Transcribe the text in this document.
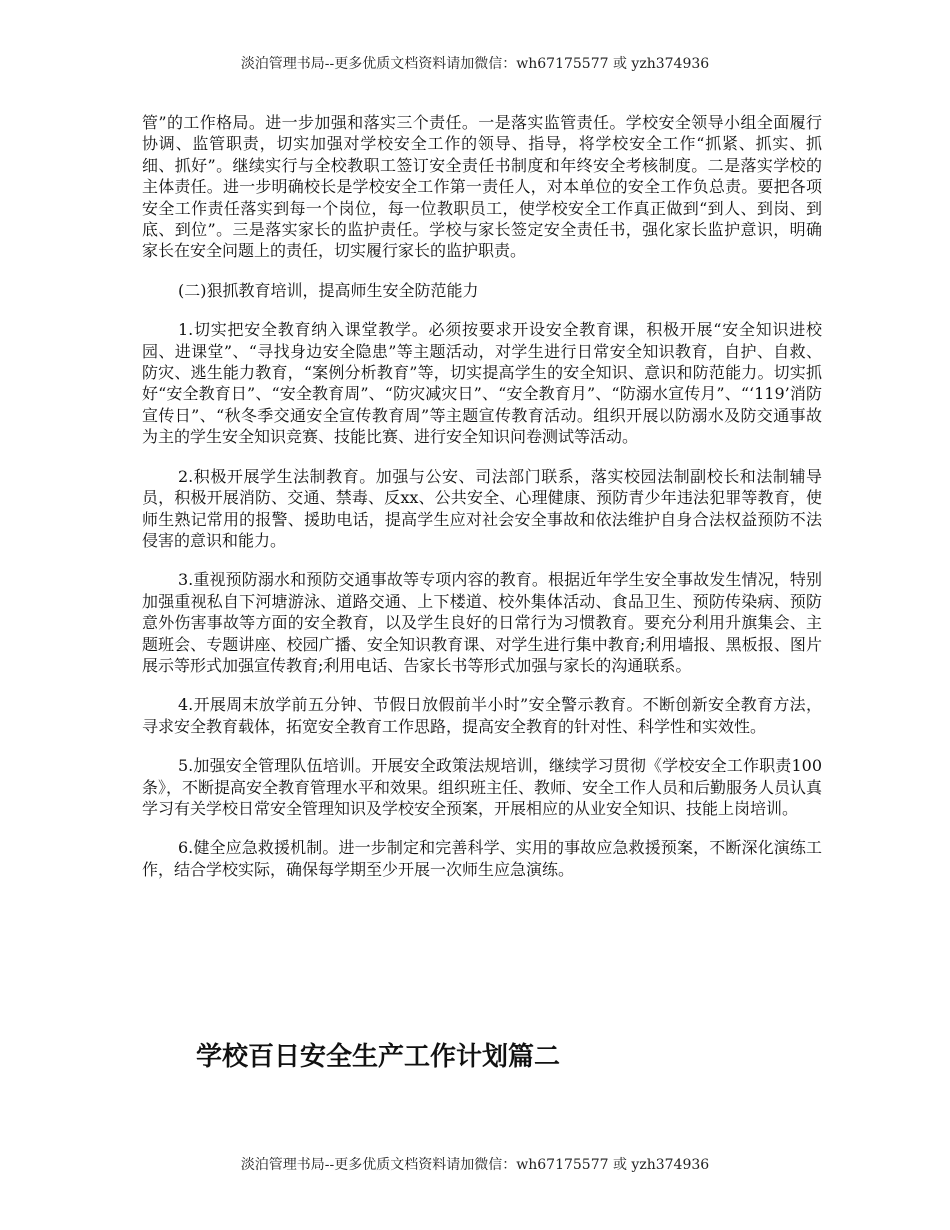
淡泊管理书局--更多优质文档资料请加微信：wh67175577 或 yzh374936

管”的工作格局。进一步加强和落实三个责任。一是落实监管责任。学校安全领导小组全面履行协调、监管职责，切实加强对学校安全工作的领导、指导，将学校安全工作“抓紧、抓实、抓细、抓好”。继续实行与全校教职工签订安全责任书制度和年终安全考核制度。二是落实学校的主体责任。进一步明确校长是学校安全工作第一责任人，对本单位的安全工作负总责。要把各项安全工作责任落实到每一个岗位，每一位教职员工，使学校安全工作真正做到“到人、到岗、到底、到位”。三是落实家长的监护责任。学校与家长签定安全责任书，强化家长监护意识，明确家长在安全问题上的责任，切实履行家长的监护职责。

(二)狠抓教育培训，提高师生安全防范能力

1.切实把安全教育纳入课堂教学。必须按要求开设安全教育课，积极开展“安全知识进校园、进课堂”、“寻找身边安全隐患”等主题活动，对学生进行日常安全知识教育，自护、自救、防灾、逃生能力教育，“案例分析教育”等，切实提高学生的安全知识、意识和防范能力。切实抓好“安全教育日”、“安全教育周”、“防灾减灾日”、“安全教育月”、“防溺水宣传月”、“‘119’消防宣传日”、“秋冬季交通安全宣传教育周”等主题宣传教育活动。组织开展以防溺水及防交通事故为主的学生安全知识竞赛、技能比赛、进行安全知识问卷测试等活动。

2.积极开展学生法制教育。加强与公安、司法部门联系，落实校园法制副校长和法制辅导员，积极开展消防、交通、禁毒、反xx、公共安全、心理健康、预防青少年违法犯罪等教育，使师生熟记常用的报警、援助电话，提高学生应对社会安全事故和依法维护自身合法权益预防不法侵害的意识和能力。

3.重视预防溺水和预防交通事故等专项内容的教育。根据近年学生安全事故发生情况，特别加强重视私自下河塘游泳、道路交通、上下楼道、校外集体活动、食品卫生、预防传染病、预防意外伤害事故等方面的安全教育，以及学生良好的日常行为习惯教育。要充分利用升旗集会、主题班会、专题讲座、校园广播、安全知识教育课、对学生进行集中教育;利用墙报、黑板报、图片展示等形式加强宣传教育;利用电话、告家长书等形式加强与家长的沟通联系。

4.开展周末放学前五分钟、节假日放假前半小时”安全警示教育。不断创新安全教育方法，寻求安全教育载体，拓宽安全教育工作思路，提高安全教育的针对性、科学性和实效性。

5.加强安全管理队伍培训。开展安全政策法规培训，继续学习贯彻《学校安全工作职责100条》，不断提高安全教育管理水平和效果。组织班主任、教师、安全工作人员和后勤服务人员认真学习有关学校日常安全管理知识及学校安全预案，开展相应的从业安全知识、技能上岗培训。

6.健全应急救援机制。进一步制定和完善科学、实用的事故应急救援预案，不断深化演练工作，结合学校实际，确保每学期至少开展一次师生应急演练。

学校百日安全生产工作计划篇二
淡泊管理书局--更多优质文档资料请加微信：wh67175577 或 yzh374936
